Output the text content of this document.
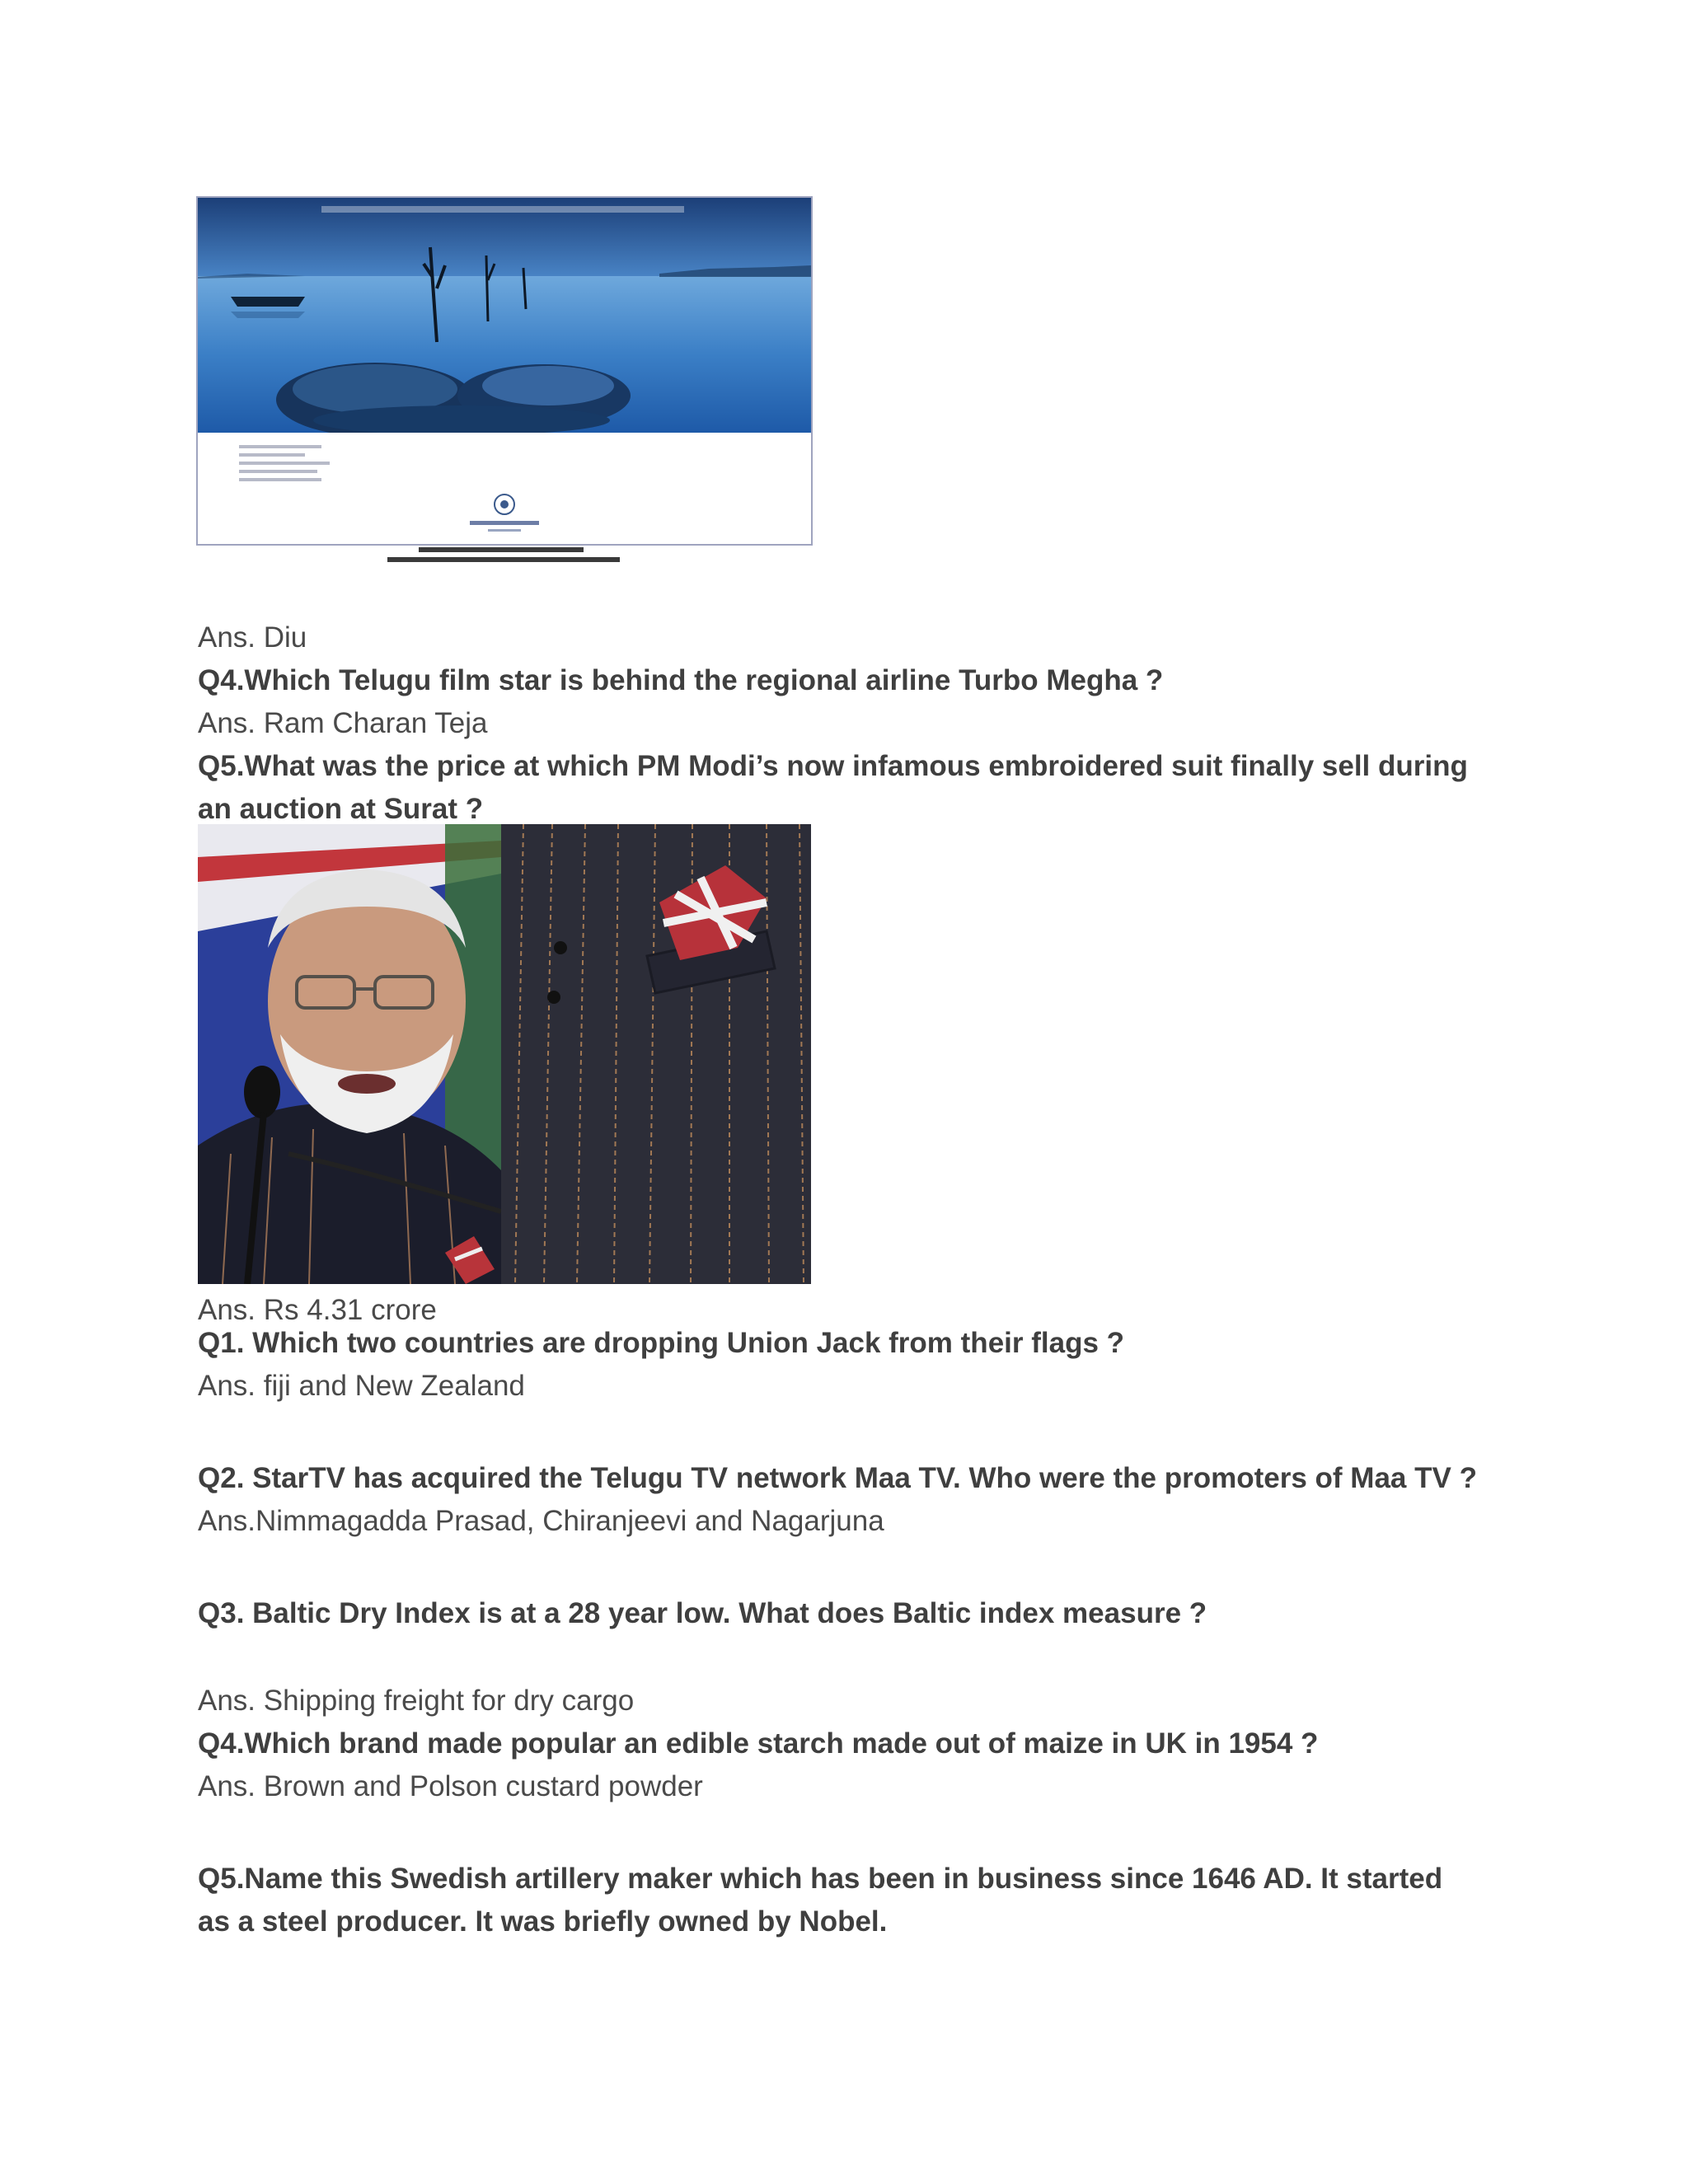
Ans. Diu

Q4.Which Telugu film star is behind the regional airline Turbo Megha ?

Ans. Ram Charan Teja

Q5.What was the price at which PM Modi’s now infamous embroidered suit finally sell during

an auction at Surat ?

Ans. Rs 4.31 crore

Q1. Which two countries are dropping Union Jack from their flags ?

Ans. fiji and New Zealand

Q2. StarTV has acquired the Telugu TV network Maa TV. Who were the promoters of Maa TV ?

Ans.Nimmagadda Prasad, Chiranjeevi and Nagarjuna

Q3. Baltic Dry Index is at a 28 year low. What does Baltic index measure ?

Ans. Shipping freight for dry cargo

Q4.Which brand made popular an edible starch made out of maize in UK in 1954 ?

Ans. Brown and Polson custard powder

Q5.Name this Swedish artillery maker which has been in business since 1646 AD. It started

as a steel producer. It was briefly owned by Nobel.
